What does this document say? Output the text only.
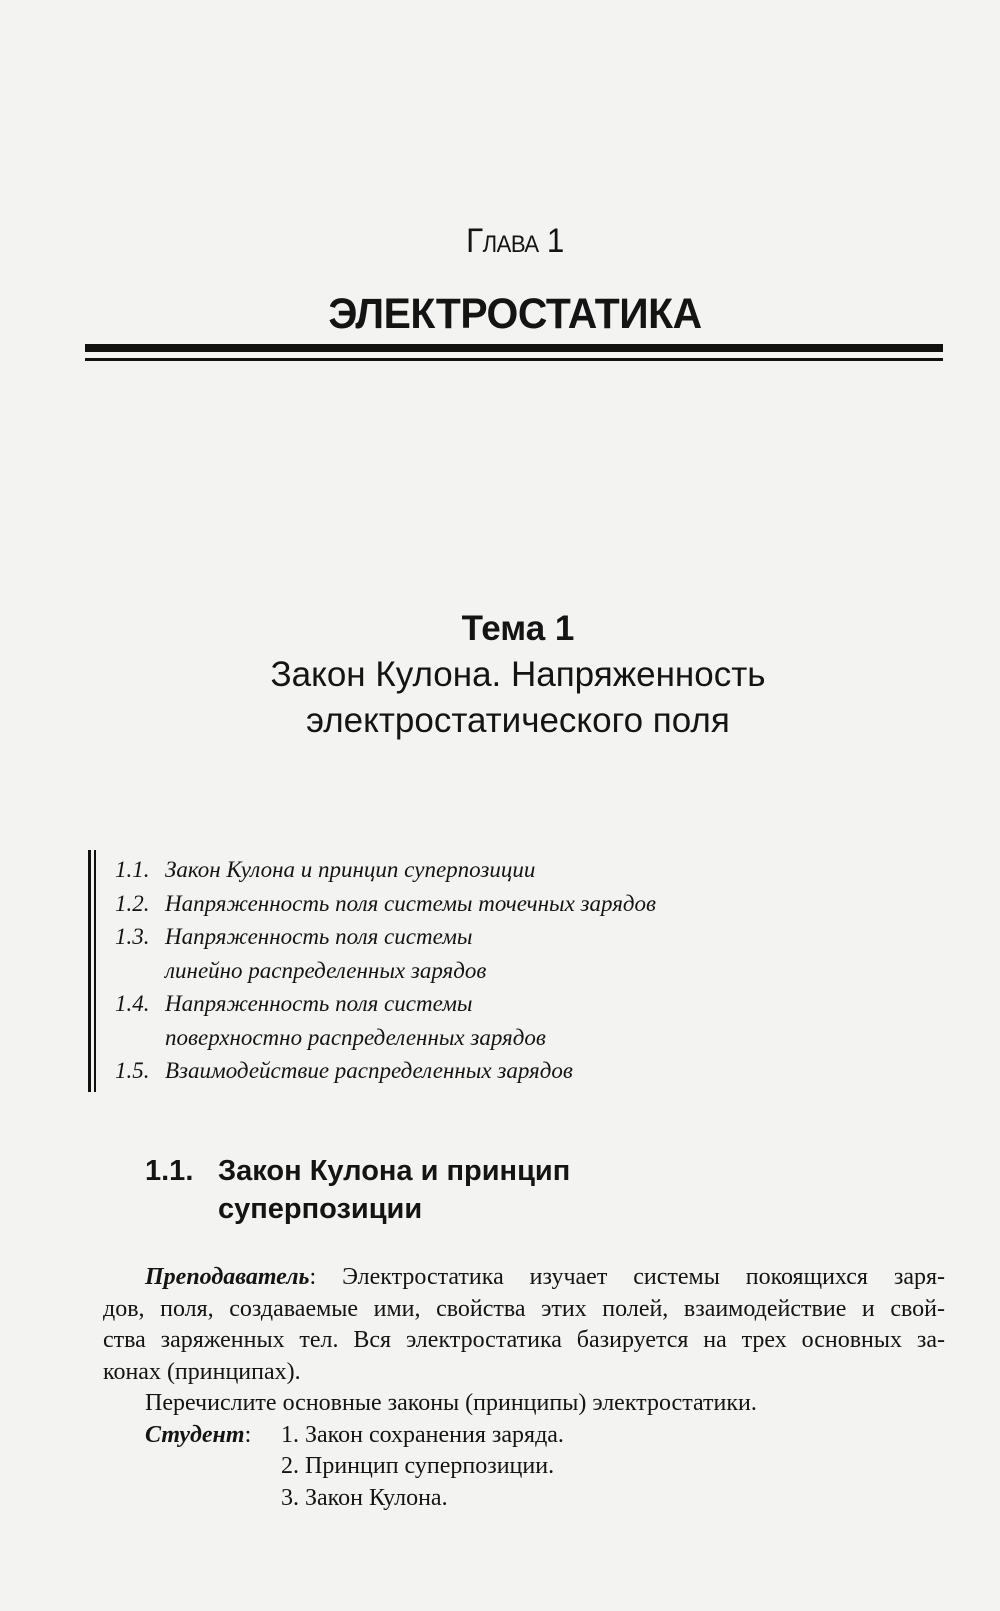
Глава 1
ЭЛЕКТРОСТАТИКА
Тема 1
Закон Кулона. Напряженность
электростатического поля
1.1. Закон Кулона и принцип суперпозиции
1.2. Напряженность поля системы точечных зарядов
1.3. Напряженность поля системы
линейно распределенных зарядов
1.4. Напряженность поля системы
поверхностно распределенных зарядов
1.5. Взаимодействие распределенных зарядов
1.1. Закон Кулона и принцип
суперпозиции
Преподаватель: Электростатика изучает системы покоящихся заря-
дов, поля, создаваемые ими, свойства этих полей, взаимодействие и свой-
ства заряженных тел. Вся электростатика базируется на трех основных за-
конах (принципах).
Перечислите основные законы (принципы) электростатики.
Студент:	1. Закон сохранения заряда.
2. Принцип суперпозиции.
3. Закон Кулона.
